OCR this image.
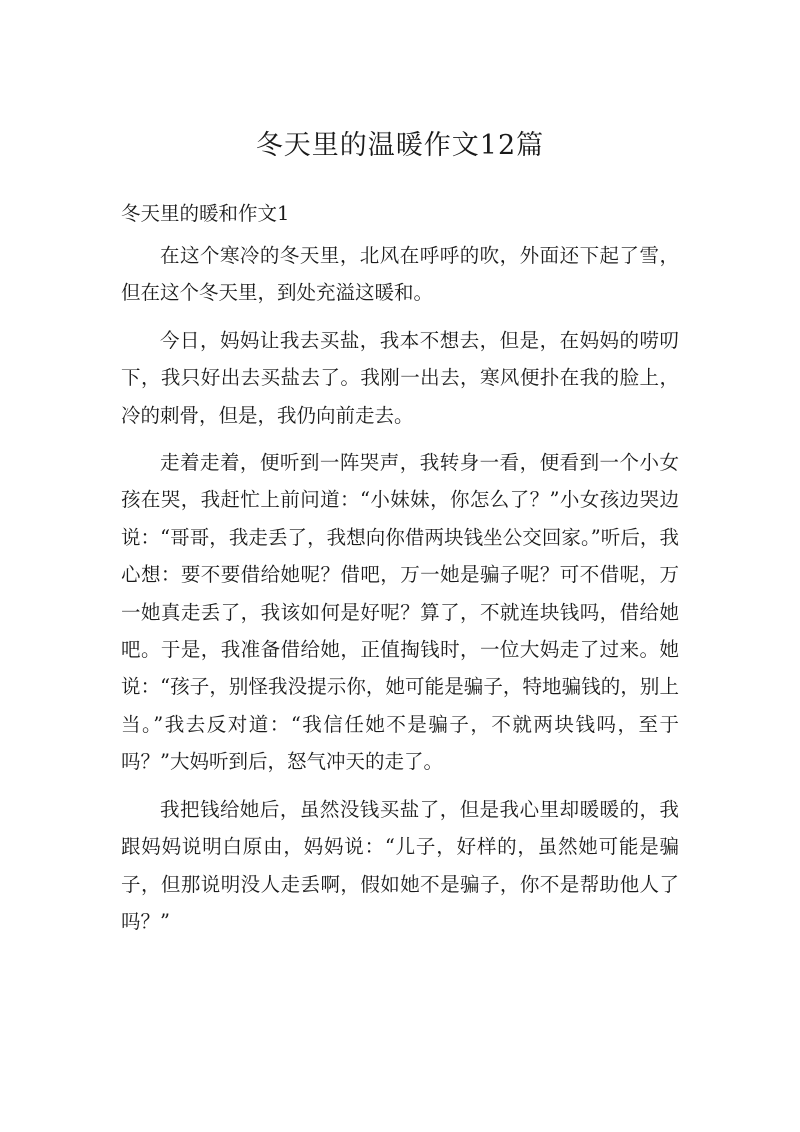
冬天里的温暖作文12篇
冬天里的暖和作文1

在这个寒冷的冬天里，北风在呼呼的吹，外面还下起了雪，但在这个冬天里，到处充溢这暖和。

今日，妈妈让我去买盐，我本不想去，但是，在妈妈的唠叨下，我只好出去买盐去了。我刚一出去，寒风便扑在我的脸上，冷的刺骨，但是，我仍向前走去。

走着走着，便听到一阵哭声，我转身一看，便看到一个小女孩在哭，我赶忙上前问道：“小妹妹，你怎么了？”小女孩边哭边说：“哥哥，我走丢了，我想向你借两块钱坐公交回家。”听后，我心想：要不要借给她呢？借吧，万一她是骗子呢？可不借呢，万一她真走丢了，我该如何是好呢？算了，不就连块钱吗，借给她吧。于是，我准备借给她，正值掏钱时，一位大妈走了过来。她说：“孩子，别怪我没提示你，她可能是骗子，特地骗钱的，别上当。”我去反对道：“我信任她不是骗子，不就两块钱吗，至于吗？”大妈听到后，怒气冲天的走了。

我把钱给她后，虽然没钱买盐了，但是我心里却暖暖的，我跟妈妈说明白原由，妈妈说：“儿子，好样的，虽然她可能是骗子，但那说明没人走丢啊，假如她不是骗子，你不是帮助他人了吗？”
